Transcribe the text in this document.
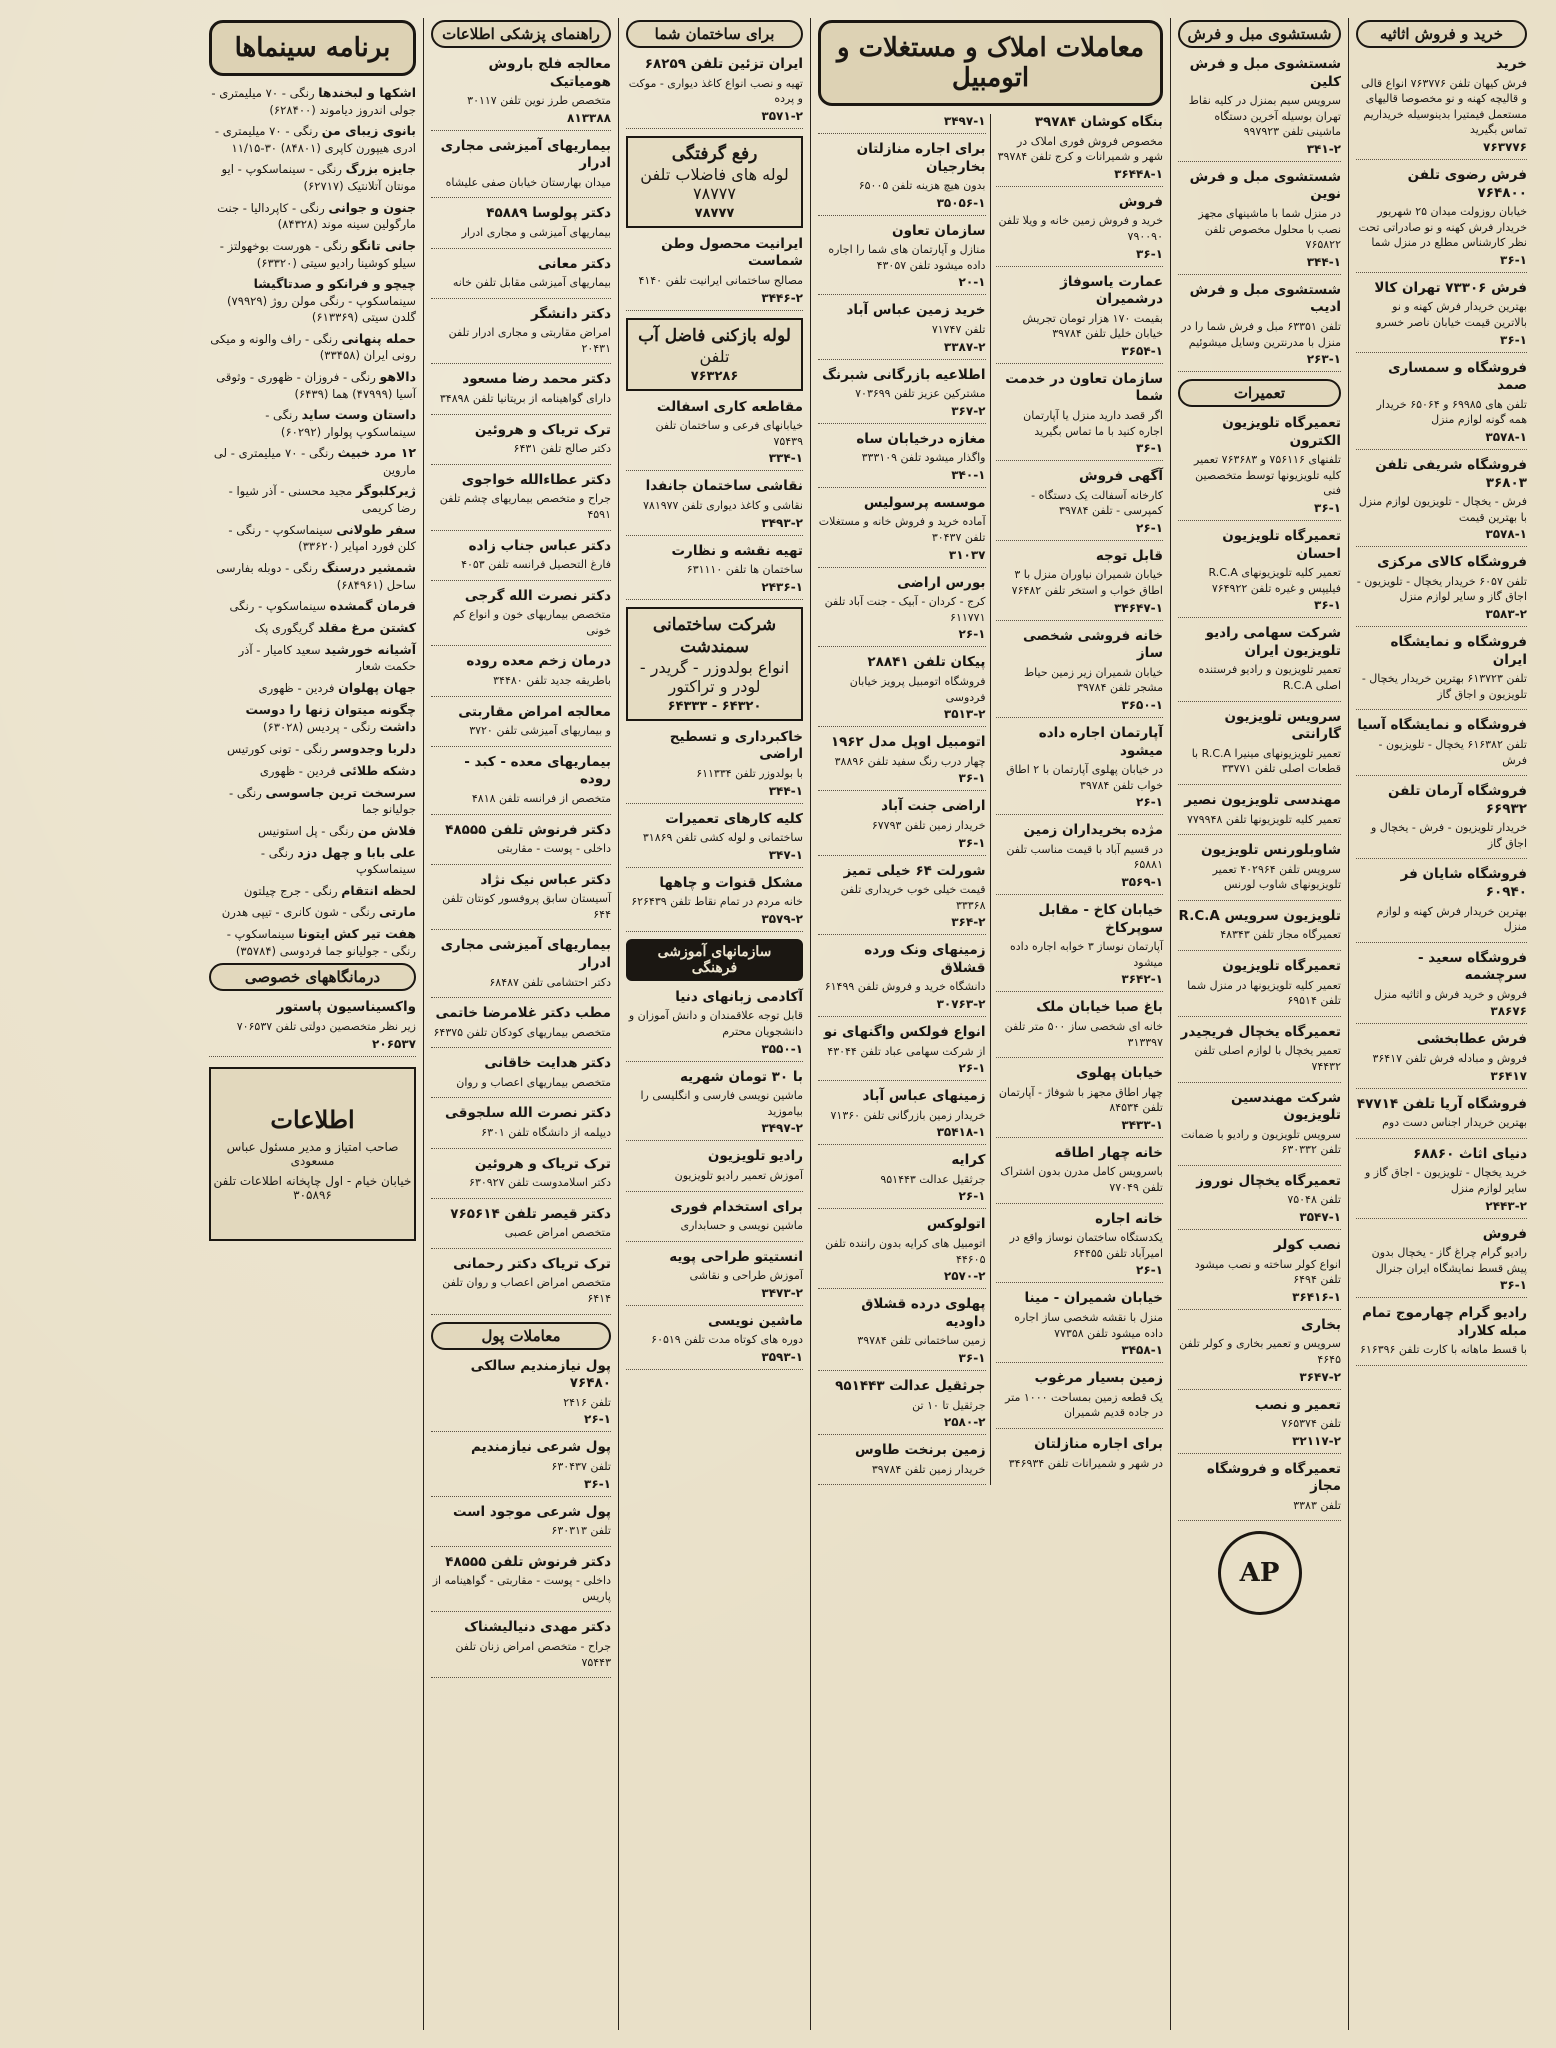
خرید و فروش اثاثیه
خرید
فرش کیهان تلفن ۷۶۳۷۷۶ انواع قالی و قالیچه کهنه و نو مخصوصا قالیهای مستعمل فیمتیرا بدینوسیله خریداریم تماس بگیرید
۷۶۳۷۷۶
فرش رضوی تلفن ۷۶۴۸۰۰
خیابان روزولت میدان ۲۵ شهریور خریدار فرش کهنه و نو صادراتی تحت نظر کارشناس مطلع در منزل شما
۳۶-۱
فرش ۷۳۳۰۶ تهران کالا
بهترین خریدار فرش کهنه و نو بالاترین قیمت خیابان ناصر خسرو
۳۶-۱
فروشگاه و سمساری صمد
تلفن های ۶۹۹۸۵ و ۶۵۰۶۴ خریدار همه گونه لوازم منزل
۳۵۷۸-۱
فروشگاه شریفی تلفن ۳۶۸۰۳
فرش - یخچال - تلویزیون لوازم منزل با بهترین قیمت
۳۵۷۸-۱
فروشگاه کالای مرکزی
تلفن ۶۰۵۷ خریدار یخچال - تلویزیون - اجاق گاز و سایر لوازم منزل
۳۵۸۳-۲
فروشگاه و نمایشگاه ایران
تلفن ۶۱۳۷۲۳ بهترین خریدار یخچال - تلویزیون و اجاق گاز
فروشگاه و نمایشگاه آسیا
تلفن ۶۱۶۳۸۲ یخچال - تلویزیون - فرش
فروشگاه آرمان تلفن ۶۶۹۳۲
خریدار تلویزیون - فرش - یخچال و اجاق گاز
فروشگاه شایان فر ۶۰۹۴۰
بهترین خریدار فرش کهنه و لوازم منزل
فروشگاه سعید - سرچشمه
فروش و خرید فرش و اثاثیه منزل
۳۸۶۷۶
فرش عطابخشی
فروش و مبادله فرش تلفن ۳۶۴۱۷
۳۶۴۱۷
فروشگاه آریا تلفن ۴۷۷۱۴
بهترین خریدار اجناس دست دوم
دنیای اثاث ۶۸۸۶۰
خرید یخچال - تلویزیون - اجاق گاز و سایر لوازم منزل
۲۴۴۳-۲
فروش
رادیو گرام چراغ گاز - یخچال بدون پیش قسط نمایشگاه ایران جنرال
۳۶-۱
رادیو گرام چهارموج تمام مبله کلاراد
با قسط ماهانه با کارت تلفن ۶۱۶۳۹۶
شستشوی مبل و فرش
شستشوی مبل و فرش کلین
سرویس سیم بمنزل در کلیه نقاط تهران بوسیله آخرین دستگاه ماشینی تلفن ۹۹۷۹۲۳
۳۴۱-۲
شستشوی مبل و فرش نوین
در منزل شما با ماشینهای مجهز نصب با محلول مخصوص تلفن ۷۶۵۸۲۲
۳۴۴-۱
شستشوی مبل و فرش ادیب
تلفن ۶۳۳۵۱ مبل و فرش شما را در منزل با مدرنترین وسایل میشوئیم
۲۶۳-۱
تعمیرات
تعمیرگاه تلویزیون الکترون
تلفنهای ۷۵۶۱۱۶ و ۷۶۳۶۸۳ تعمیر کلیه تلویزیونها توسط متخصصین فنی
۳۶-۱
تعمیرگاه تلویزیون احسان
تعمیر کلیه تلویزیونهای R.C.A فیلیپس و غیره تلفن ۷۶۴۹۲۲
۳۶-۱
شرکت سهامی رادیو تلویزیون ایران
تعمیر تلویزیون و رادیو فرستنده اصلی R.C.A
سرویس تلویزیون گارانتی
تعمیر تلویزیونهای مینیرا R.C.A با قطعات اصلی تلفن ۳۳۷۷۱
مهندسی تلویزیون نصیر
تعمیر کلیه تلویزیونها تلفن ۷۷۹۹۴۸
شاوبلورنس تلویزیون
سرویس تلفن ۴۰۲۹۶۴ تعمیر تلویزیونهای شاوب لورنس
تلویزیون سرویس R.C.A
تعمیرگاه مجاز تلفن ۴۸۳۴۳
تعمیرگاه تلویزیون
تعمیر کلیه تلویزیونها در منزل شما تلفن ۶۹۵۱۴
تعمیرگاه یخچال فریجیدر
تعمیر یخچال با لوازم اصلی تلفن ۷۴۴۳۲
شرکت مهندسین تلویزیون
سرویس تلویزیون و رادیو با ضمانت تلفن ۶۳۰۳۳۲
تعمیرگاه یخچال نوروز
تلفن ۷۵۰۴۸
۳۵۴۷-۱
نصب کولر
انواع کولر ساخته و نصب میشود تلفن ۶۴۹۴
۳۶۴۱۶-۱
بخاری
سرویس و تعمیر بخاری و کولر تلفن ۴۶۴۵
۳۶۴۷-۲
تعمیر و نصب
تلفن ۷۶۵۳۷۴
۳۲۱۱۷-۲
تعمیرگاه و فروشگاه مجاز
تلفن ۳۳۸۳
AP
معاملات املاک و مستغلات و اتومبیل
بنگاه کوشان ۳۹۷۸۴
مخصوص فروش فوری املاک در شهر و شمیرانات و کرج تلفن ۳۹۷۸۴
۳۶۴۴۸-۱
فروش
خرید و فروش زمین خانه و ویلا تلفن ۷۹۰۰۹۰
۳۶-۱
عمارت یاسوفاژ درشمیران
بقیمت ۱۷۰ هزار تومان تجریش خیابان خلیل تلفن ۳۹۷۸۴
۳۶۵۴-۱
سازمان تعاون در خدمت شما
اگر قصد دارید منزل یا آپارتمان اجاره کنید با ما تماس بگیرید
۳۶-۱
آگهی فروش
کارخانه آسفالت یک دستگاه - کمپرسی - تلفن ۳۹۷۸۴
۲۶-۱
قابل توجه
خیابان شمیران نیاوران منزل با ۳ اطاق خواب و استخر تلفن ۷۶۴۸۲
۳۴۶۴۷-۱
خانه فروشی شخصی ساز
خیابان شمیران زیر زمین حیاط مشجر تلفن ۳۹۷۸۴
۳۶۵۰-۱
آپارتمان اجاره داده میشود
در خیابان پهلوی آپارتمان با ۲ اطاق خواب تلفن ۳۹۷۸۴
۲۶-۱
مژده بخریداران زمین
در قسیم آباد با قیمت مناسب تلفن ۶۵۸۸۱
۳۵۶۹-۱
خیابان کاخ - مقابل سوپرکاخ
آپارتمان نوساز ۳ خوابه اجاره داده میشود
۳۶۴۲-۱
باغ صبا خیابان ملک
خانه ای شخصی ساز ۵۰۰ متر تلفن ۳۱۳۳۹۷
خیابان پهلوی
چهار اطاق مجهز با شوفاژ - آپارتمان تلفن ۸۴۵۳۴
۳۴۳۳-۱
خانه چهار اطاقه
باسرویس کامل مدرن بدون اشتراک تلفن ۷۷۰۴۹
خانه اجاره
یکدستگاه ساختمان نوساز واقع در امیرآباد تلفن ۶۴۴۵۵
۲۶-۱
خیابان شمیران - مینا
منزل با نقشه شخصی ساز اجاره داده میشود تلفن ۷۷۳۵۸
۳۴۵۸-۱
زمین بسیار مرغوب
یک قطعه زمین بمساحت ۱۰۰۰ متر در جاده قدیم شمیران
برای اجاره منازلتان
در شهر و شمیرانات تلفن ۳۴۶۹۳۴
۳۴۹۷-۱
برای اجاره منازلتان بخارجیان
بدون هیچ هزینه تلفن ۶۵۰۰۵
۳۵۰۵۶-۱
سازمان تعاون
منازل و آپارتمان های شما را اجاره داده میشود تلفن ۴۳۰۵۷
۲۰-۱
خرید زمین عباس آباد
تلفن ۷۱۷۴۷
۳۳۸۷-۲
اطلاعیه بازرگانی شبرنگ
مشترکین عزیز تلفن ۷۰۳۶۹۹
۳۶۷-۲
مغازه درخیابان ساه
واگذار میشود تلفن ۳۳۳۱۰۹
۳۴۰-۱
موسسه پرسولیس
آماده خرید و فروش خانه و مستغلات تلفن ۳۰۴۳۷
۳۱۰۳۷
بورس اراضی
کرج - کردان - آبیک - جنت آباد تلفن ۶۱۱۷۷۱
۲۶-۱
پیکان تلفن ۲۸۸۴۱
فروشگاه اتومبیل پرویز خیابان فردوسی
۳۵۱۳-۲
اتومبیل اوپل مدل ۱۹۶۲
چهار درب رنگ سفید تلفن ۳۸۸۹۶
۳۶-۱
اراضی جنت آباد
خریدار زمین تلفن ۶۷۷۹۳
۳۶-۱
شورلت ۶۴ خیلی تمیز
قیمت خیلی خوب خریداری تلفن ۳۳۳۶۸
۳۶۴-۲
زمینهای ونک ورده قشلاق
دانشگاه خرید و فروش تلفن ۶۱۴۹۹
۳۰۷۶۳-۲
انواع فولکس واگنهای نو
از شرکت سهامی عباد تلفن ۴۳۰۴۴
۲۶-۱
زمینهای عباس آباد
خریدار زمین بازرگانی تلفن ۷۱۳۶۰
۳۵۴۱۸-۱
کرایه
جرثقیل عدالت ۹۵۱۴۴۳
۲۶-۱
اتولوکس
اتومبیل های کرایه بدون راننده تلفن ۴۴۶۰۵
۲۵۷۰-۲
پهلوی درده قشلاق داودیه
زمین ساختمانی تلفن ۳۹۷۸۴
۳۶-۱
جرثقیل عدالت ۹۵۱۴۴۳
جرثقیل تا ۱۰ تن
۲۵۸۰-۲
زمین برنخت طاوس
خریدار زمین تلفن ۳۹۷۸۴
برای ساختمان شما
ایران تزئین تلفن ۶۸۲۵۹
تهیه و نصب انواع کاغذ دیواری - موکت و پرده
۳۵۷۱-۲
رفع گرفتگی
لوله های فاضلاب تلفن ۷۸۷۷۷
۷۸۷۷۷
ایرانیت محصول وطن شماست
مصالح ساختمانی ایرانیت تلفن ۴۱۴۰
۳۴۴۶-۲
لوله بازکنی فاضل آب
تلفن
۷۶۳۲۸۶
مقاطعه کاری اسفالت
خیابانهای فرعی و ساختمان تلفن ۷۵۴۳۹
۳۳۴-۱
نقاشی ساختمان جانفدا
نقاشی و کاغذ دیواری تلفن ۷۸۱۹۷۷
۳۴۹۳-۲
تهیه نقشه و نظارت
ساختمان ها تلفن ۶۳۱۱۱۰
۲۴۳۶-۱
شرکت ساختمانی سمندشت
انواع بولدوزر - گریدر - لودر و تراکتور
۶۴۳۲۰ - ۶۴۳۳۳
خاکبرداری و تسطیح اراضی
با بولدوزر تلفن ۶۱۱۳۳۴
۳۴۴-۱
کلیه کارهای تعمیرات
ساختمانی و لوله کشی تلفن ۳۱۸۶۹
۳۴۷-۱
مشکل قنوات و چاهها
خانه مردم در تمام نقاط تلفن ۶۲۶۴۳۹
۳۵۷۹-۲
سازمانهای آموزشی فرهنگی
آکادمی زبانهای دنیا
قابل توجه علاقمندان و دانش آموزان و دانشجویان محترم
۳۵۵۰-۱
با ۳۰ تومان شهریه
ماشین نویسی فارسی و انگلیسی را بیاموزید
۳۴۹۷-۲
رادیو تلویزیون
آموزش تعمیر رادیو تلویزیون
برای استخدام فوری
ماشین نویسی و حسابداری
انستیتو طراحی پویه
آموزش طراحی و نقاشی
۳۴۷۳-۲
ماشین نویسی
دوره های کوتاه مدت تلفن ۶۰۵۱۹
۳۵۹۳-۱
راهنمای پزشکی اطلاعات
معالجه فلج باروش هومیاتیک
متخصص طرز نوین تلفن ۳۰۱۱۷
۸۱۳۳۸۸
بیماریهای آمیزشی مجاری ادرار
میدان بهارستان خیابان صفی علیشاه
دکتر پولوسا ۴۵۸۸۹
بیماریهای آمیزشی و مجاری ادرار
دکتر معانی
بیماریهای آمیزشی مقابل تلفن خانه
دکتر دانشگر
امراض مقاربتی و مجاری ادرار تلفن ۲۰۴۳۱
دکتر محمد رضا مسعود
دارای گواهینامه از بریتانیا تلفن ۳۴۸۹۸
ترک تریاک و هروئین
دکتر صالح تلفن ۶۴۳۱
دکتر عطاءالله خواجوی
جراح و متخصص بیماریهای چشم تلفن ۴۵۹۱
دکتر عباس جناب زاده
فارغ التحصیل فرانسه تلفن ۴۰۵۳
دکتر نصرت الله گرجی
متخصص بیماریهای خون و انواع کم خونی
درمان زخم معده روده
باطریقه جدید تلفن ۳۴۴۸۰
معالجه امراض مقاربتی
و بیماریهای آمیزشی تلفن ۳۷۲۰
بیماریهای معده - کبد - روده
متخصص از فرانسه تلفن ۴۸۱۸
دکتر فرنوش تلفن ۴۸۵۵۵
داخلی - پوست - مقاربتی
دکتر عباس نیک نژاد
آسیستان سابق پروفسور کونتان تلفن ۶۴۴
بیماریهای آمیزشی مجاری ادرار
دکتر احتشامی تلفن ۶۸۴۸۷
مطب دکتر غلامرضا خاتمی
متخصص بیماریهای کودکان تلفن ۶۴۳۷۵
دکتر هدایت خاقانی
متخصص بیماریهای اعصاب و روان
دکتر نصرت الله سلجوقی
دیپلمه از دانشگاه تلفن ۶۳۰۱
ترک تریاک و هروئین
دکتر اسلامدوست تلفن ۶۳۰۹۲۷
دکتر قیصر تلفن ۷۶۵۶۱۴
متخصص امراض عصبی
ترک تریاک دکتر رحمانی
متخصص امراض اعصاب و روان تلفن ۶۴۱۴
معاملات پول
پول نیازمندیم سالکی ۷۶۴۸۰
تلفن ۲۴۱۶
۲۶-۱
پول شرعی نیازمندیم
تلفن ۶۳۰۴۳۷
۳۶-۱
پول شرعی موجود است
تلفن ۶۳۰۳۱۳
دکتر فرنوش تلفن ۴۸۵۵۵
داخلی - پوست - مقاربتی - گواهینامه از پاریس
دکتر مهدی دنیالیشناک
جراح - متخصص امراض زنان تلفن ۷۵۴۴۳
برنامه سینماها
اشکها و لبخندها رنگی - ۷۰ میلیمتری - جولی اندروز دیاموند (۶۲۸۴۰۰)
بانوی زیبای من رنگی - ۷۰ میلیمتری - ادری هیپورن کاپری (۸۴۸۰۱) ۳۰-۱۱/۱۵
جایزه بزرگ رنگی - سینماسکوپ - ایو مونتان آتلانتیک (۶۲۷۱۷)
جنون و جوانی رنگی - کاپردالیا - جنت مارگولین سینه موند (۸۴۳۲۸)
جانی تانگو رنگی - هورست بوخهولتز - سیلو کوشینا رادیو سیتی (۶۳۳۲۰)
چیچو و فرانکو و صدتاگیشا سینماسکوپ - رنگی مولن روژ (۷۹۹۲۹) گلدن سیتی (۶۱۳۳۶۹)
حمله پنهانی رنگی - راف والونه و میکی رونی ایران (۳۳۴۵۸)
دالاهو رنگی - فروزان - ظهوری - وثوقی آسیا (۴۷۹۹۹) هما (۶۴۳۹)
داستان وست ساید رنگی - سینماسکوپ پولوار (۶۰۲۹۲)
۱۲ مرد خبیث رنگی - ۷۰ میلیمتری - لی ماروین
ژیرکلبوگر مجید محسنی - آذر شیوا - رضا کریمی
سفر طولانی سینماسکوپ - رنگی - کلن فورد امپایر (۳۳۶۲۰)
شمشیر درسنگ رنگی - دوبله بفارسی ساحل (۶۸۴۹۶۱)
فرمان گمشده سینماسکوپ - رنگی
کشتن مرغ مقلد گریگوری پک
آشیانه خورشید سعید کامیار - آذر حکمت شعار
جهان پهلوان فردین - ظهوری
چگونه میتوان زنها را دوست داشت رنگی - پردیس (۶۳۰۲۸)
دلربا وجدوسر رنگی - تونی کورتیس
دشکه طلائی فردین - ظهوری
سرسخت ترین جاسوسی رنگی - جولیانو جما
فلاش من رنگی - پل استونیس
علی بابا و چهل دزد رنگی - سینماسکوپ
لحظه انتقام رنگی - جرج چیلتون
مارتی رنگی - شون کانری - تیپی هدرن
هفت تیر کش ایتونا سینماسکوپ - رنگی - جولیانو جما فردوسی (۳۵۷۸۴)
درمانگاههای خصوصی
واکسیناسیون پاستور
زیر نظر متخصصین دولتی تلفن ۷۰۶۵۳۷
۲۰۶۵۳۷
اطلاعات
صاحب امتیاز و مدیر مسئول عباس مسعودی
خیابان خیام - اول چاپخانه اطلاعات تلفن ۳۰۵۸۹۶
